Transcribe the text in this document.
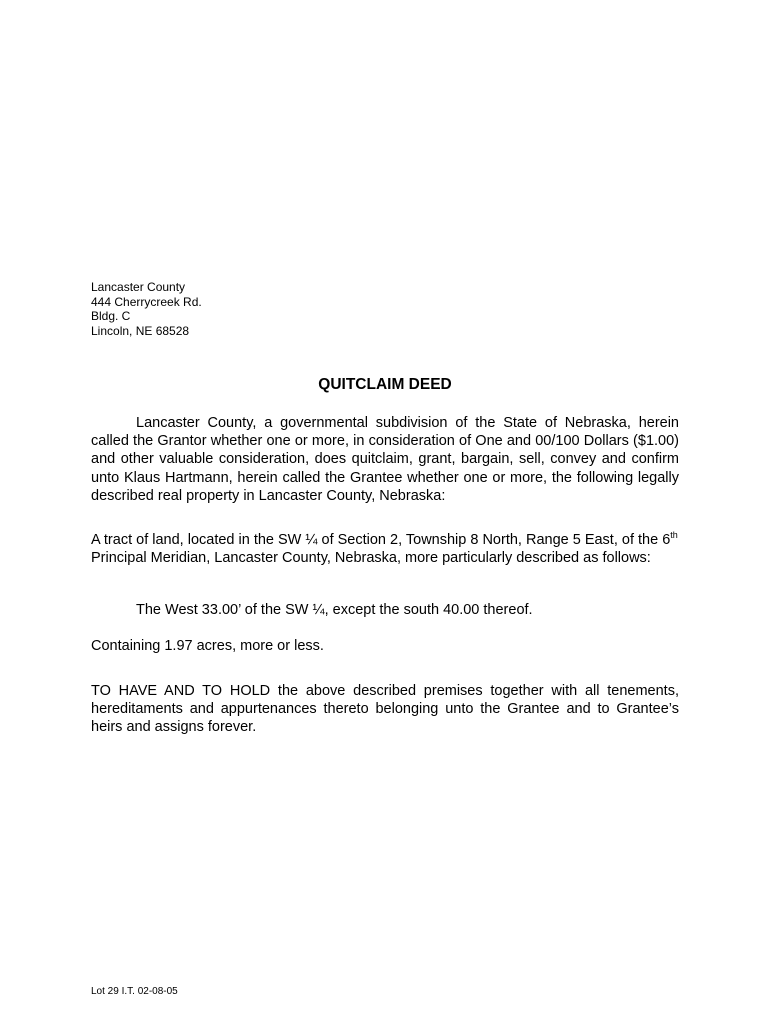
Lancaster County
444 Cherrycreek Rd.
Bldg. C
Lincoln, NE 68528
QUITCLAIM DEED

Lancaster County, a governmental subdivision of the State of Nebraska, herein called the Grantor whether one or more, in consideration of One and 00/100 Dollars ($1.00) and other valuable consideration, does quitclaim, grant, bargain, sell, convey and confirm unto Klaus Hartmann, herein called the Grantee whether one or more, the following legally described real property in Lancaster County, Nebraska:

A tract of land, located in the SW ¼ of Section 2, Township 8 North, Range 5 East, of the 6th Principal Meridian, Lancaster County, Nebraska, more particularly described as follows:

The West 33.00’ of the SW ¼, except the south 40.00 thereof.

Containing 1.97 acres, more or less.

TO HAVE AND TO HOLD the above described premises together with all tenements, hereditaments and appurtenances thereto belonging unto the Grantee and to Grantee’s heirs and assigns forever.

Lot 29 I.T. 02-08-05
